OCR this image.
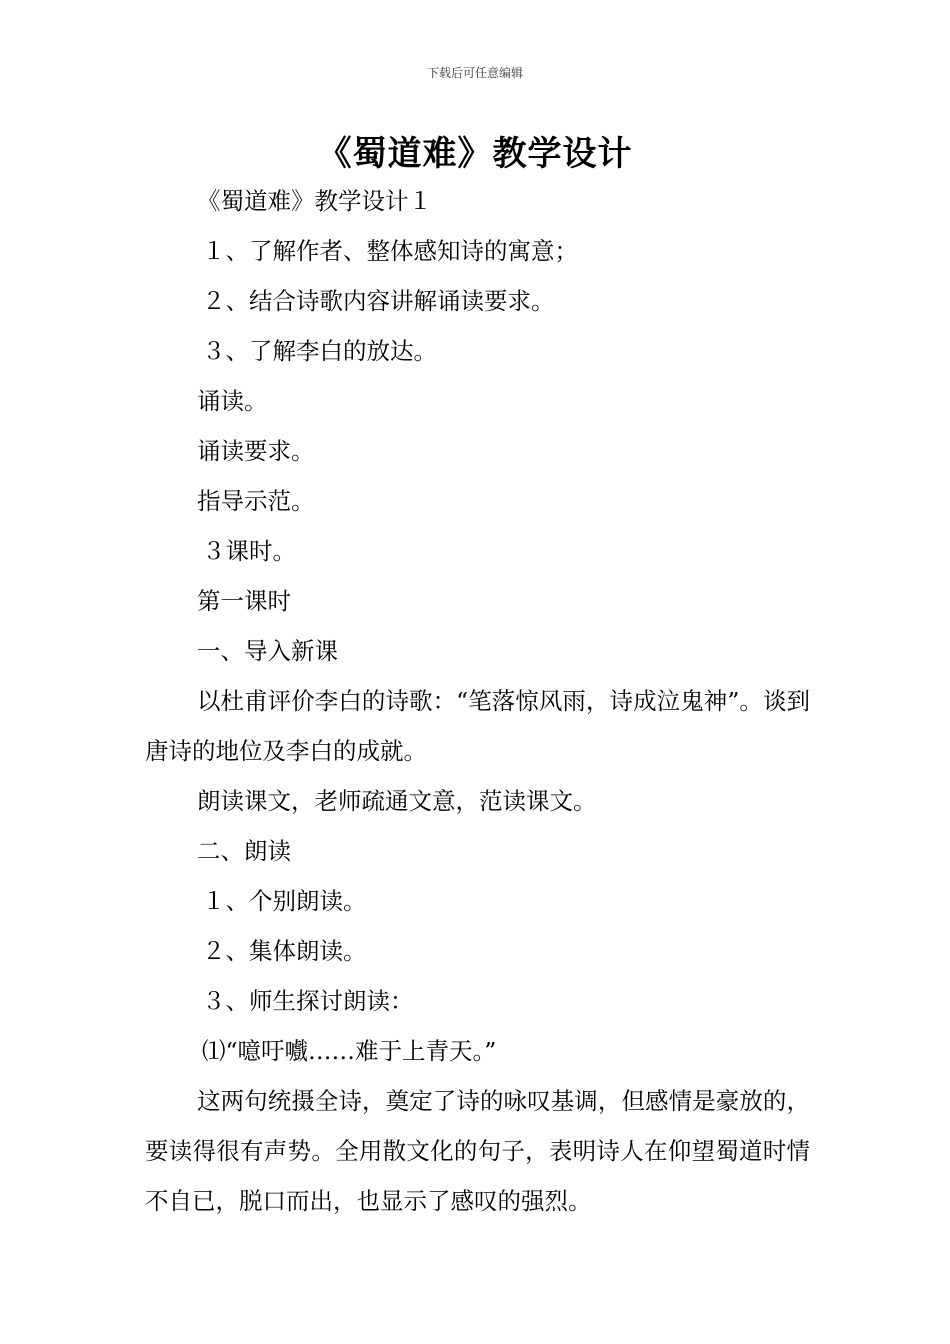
下载后可任意编辑
《蜀道难》教学设计

《蜀道难》教学设计１

１、了解作者、整体感知诗的寓意；

２、结合诗歌内容讲解诵读要求。

３、了解李白的放达。

诵读。

诵读要求。

指导示范。

３课时。

第一课时

一、导入新课

以杜甫评价李白的诗歌：“笔落惊风雨，诗成泣鬼神”。谈到唐诗的地位及李白的成就。

朗读课文，老师疏通文意，范读课文。

二、朗读

１、个别朗读。

２、集体朗读。

３、师生探讨朗读：

⑴“噫吁嚱……难于上青天。”

这两句统摄全诗，奠定了诗的咏叹基调，但感情是豪放的，要读得很有声势。全用散文化的句子，表明诗人在仰望蜀道时情不自已，脱口而出，也显示了感叹的强烈。
